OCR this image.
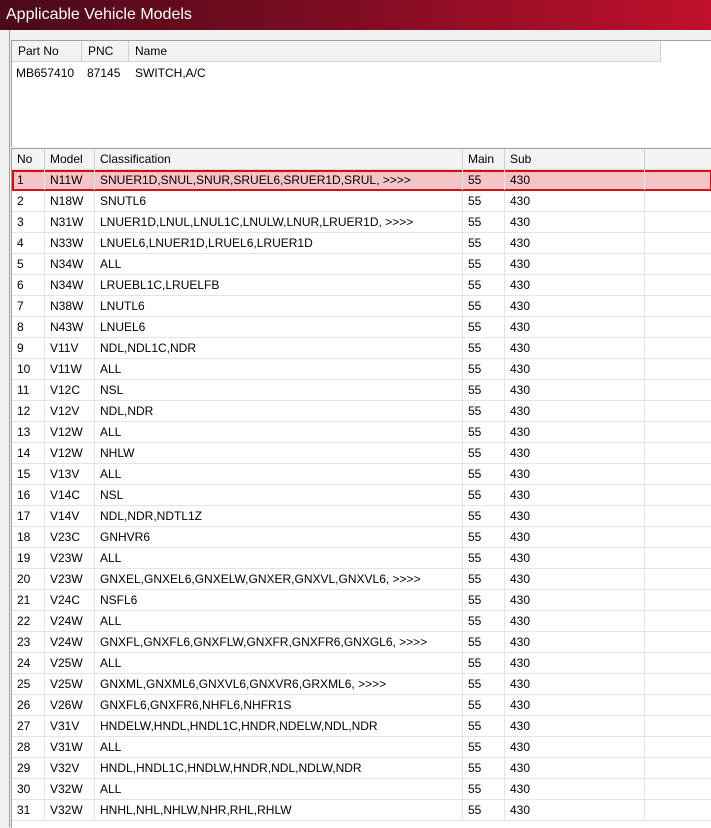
Applicable Vehicle Models
Part No	PNC	Name
MB657410 87145 SWITCH,A/C
No	Model	Classification	Main	Sub
1	N11W	SNUER1D,SNUL,SNUR,SRUEL6,SRUER1D,SRUL, >>>>	55	430
2	N18W	SNUTL6	55	430
3	N31W	LNUER1D,LNUL,LNUL1C,LNULW,LNUR,LRUER1D, >>>>	55	430
4	N33W	LNUEL6,LNUER1D,LRUEL6,LRUER1D	55	430
5	N34W	ALL	55	430
6	N34W	LRUEBL1C,LRUELFB	55	430
7	N38W	LNUTL6	55	430
8	N43W	LNUEL6	55	430
9	V11V	NDL,NDL1C,NDR	55	430
10	V11W	ALL	55	430
11	V12C	NSL	55	430
12	V12V	NDL,NDR	55	430
13	V12W	ALL	55	430
14	V12W	NHLW	55	430
15	V13V	ALL	55	430
16	V14C	NSL	55	430
17	V14V	NDL,NDR,NDTL1Z	55	430
18	V23C	GNHVR6	55	430
19	V23W	ALL	55	430
20	V23W	GNXEL,GNXEL6,GNXELW,GNXER,GNXVL,GNXVL6, >>>>	55	430
21	V24C	NSFL6	55	430
22	V24W	ALL	55	430
23	V24W	GNXFL,GNXFL6,GNXFLW,GNXFR,GNXFR6,GNXGL6, >>>>	55	430
24	V25W	ALL	55	430
25	V25W	GNXML,GNXML6,GNXVL6,GNXVR6,GRXML6, >>>>	55	430
26	V26W	GNXFL6,GNXFR6,NHFL6,NHFR1S	55	430
27	V31V	HNDELW,HNDL,HNDL1C,HNDR,NDELW,NDL,NDR	55	430
28	V31W	ALL	55	430
29	V32V	HNDL,HNDL1C,HNDLW,HNDR,NDL,NDLW,NDR	55	430
30	V32W	ALL	55	430
31	V32W	HNHL,NHL,NHLW,NHR,RHL,RHLW	55	430
